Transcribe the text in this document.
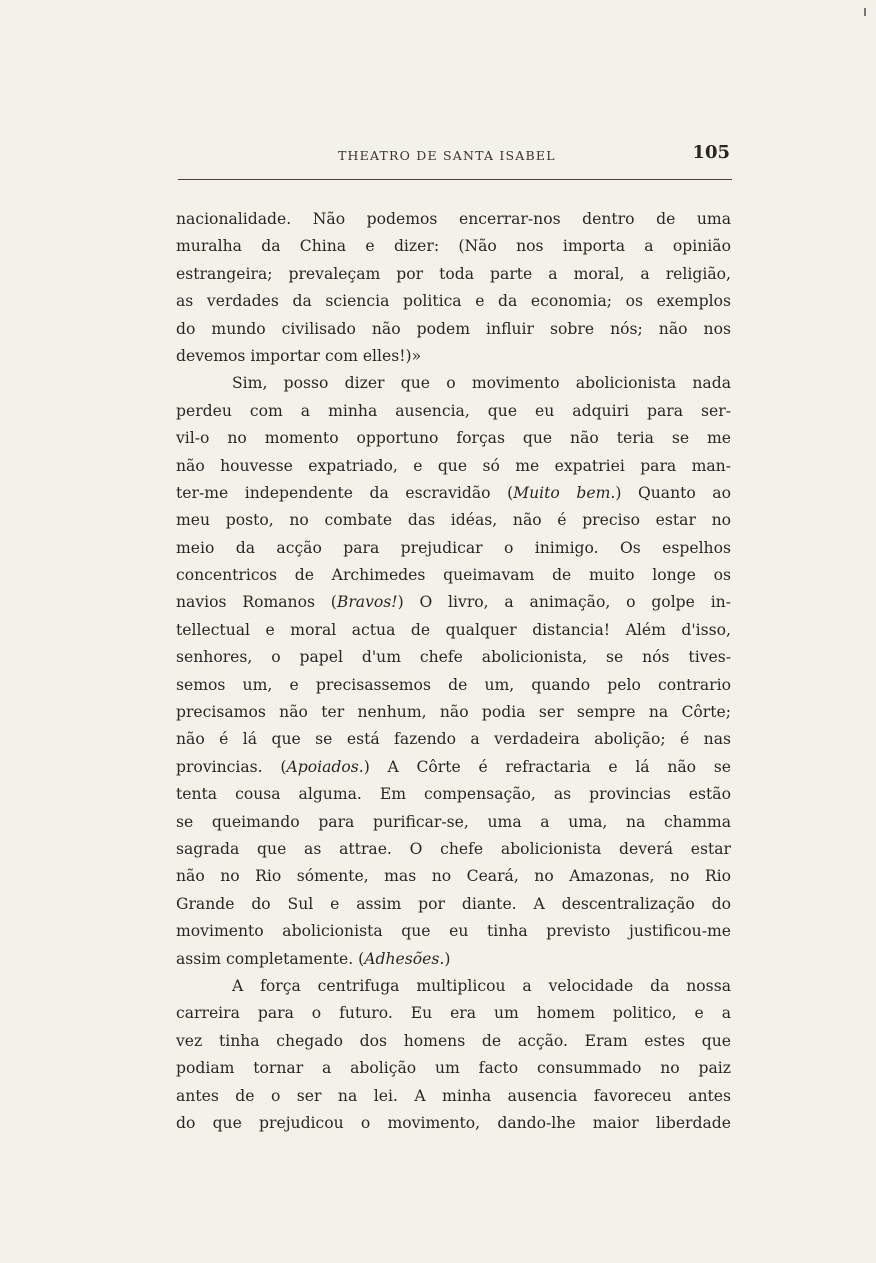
THEATRO DE SANTA ISABEL	105
nacionalidade. Não podemos encerrar-nos dentro de uma
muralha da China e dizer: (Não nos importa a opinião
estrangeira; prevaleçam por toda parte a moral, a religião,
as verdades da sciencia politica e da economia; os exemplos
do mundo civilisado não podem influir sobre nós; não nos
devemos importar com elles!)»
Sim, posso dizer que o movimento abolicionista nada
perdeu com a minha ausencia, que eu adquiri para ser-
vil-o no momento opportuno forças que não teria se me
não houvesse expatriado, e que só me expatriei para man-
ter-me independente da escravidão (Muito bem.) Quanto ao
meu posto, no combate das idéas, não é preciso estar no
meio da acção para prejudicar o inimigo. Os espelhos
concentricos de Archimedes queimavam de muito longe os
navios Romanos (Bravos!) O livro, a animação, o golpe in-
tellectual e moral actua de qualquer distancia! Além d'isso,
senhores, o papel d'um chefe abolicionista, se nós tives-
semos um, e precisassemos de um, quando pelo contrario
precisamos não ter nenhum, não podia ser sempre na Côrte;
não é lá que se está fazendo a verdadeira abolição; é nas
provincias. (Apoiados.) A Côrte é refractaria e lá não se
tenta cousa alguma. Em compensação, as provincias estão
se queimando para purificar-se, uma a uma, na chamma
sagrada que as attrae. O chefe abolicionista deverá estar
não no Rio sómente, mas no Ceará, no Amazonas, no Rio
Grande do Sul e assim por diante. A descentralização do
movimento abolicionista que eu tinha previsto justificou-me
assim completamente. (Adhesões.)
A força centrifuga multiplicou a velocidade da nossa
carreira para o futuro. Eu era um homem politico, e a
vez tinha chegado dos homens de acção. Eram estes que
podiam tornar a abolição um facto consummado no paiz
antes de o ser na lei. A minha ausencia favoreceu antes
do que prejudicou o movimento, dando-lhe maior liberdade
